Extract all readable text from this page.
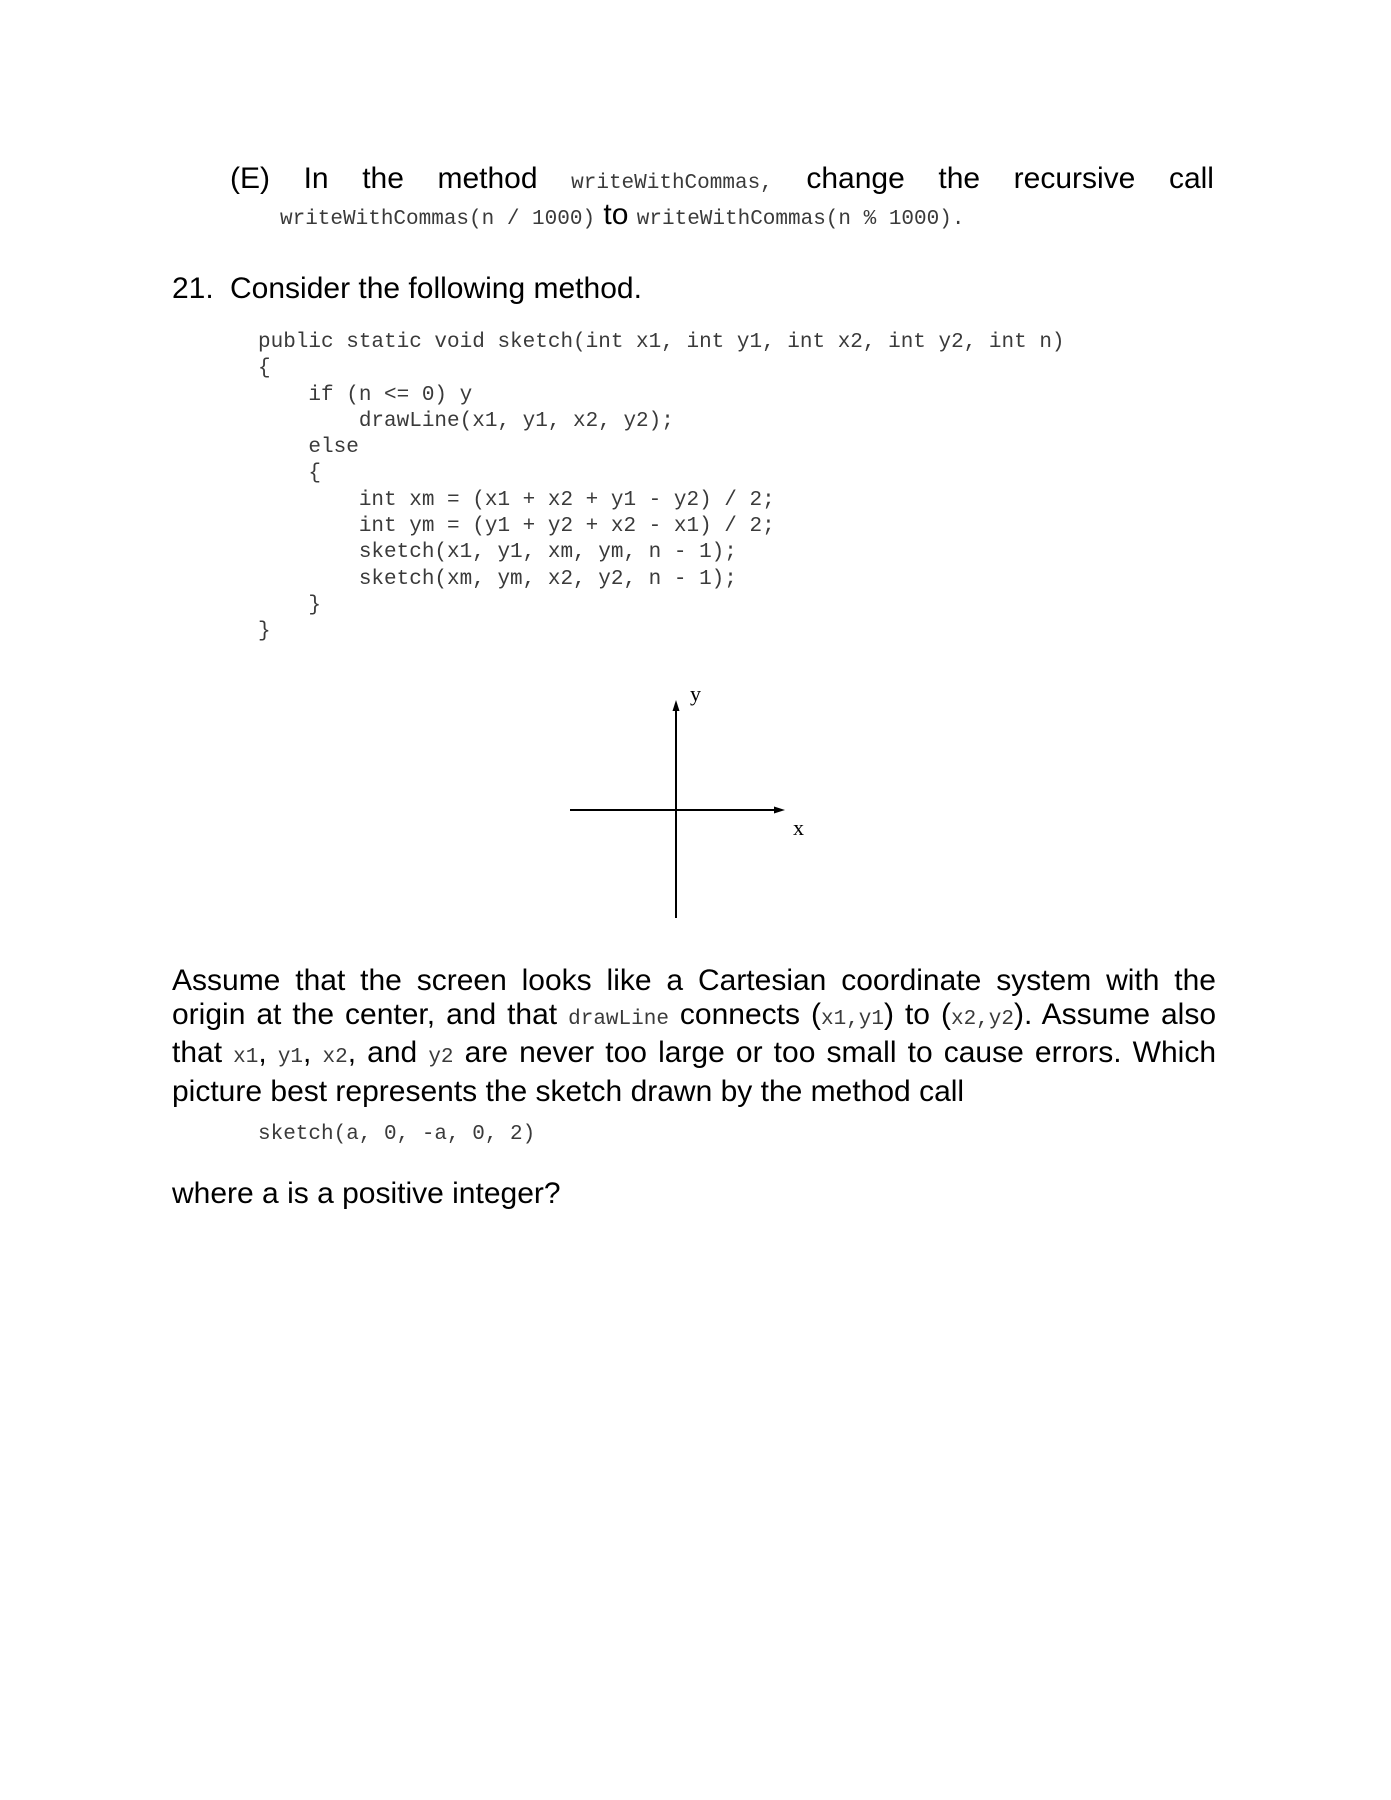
(E) In the method writeWithCommas, change the recursive call
writeWithCommas(n / 1000) to writeWithCommas(n % 1000).
21. Consider the following method.
public static void sketch(int x1, int y1, int x2, int y2, int n)
{
if (n <= 0) y
drawLine(x1, y1, x2, y2);
else
{
int xm = (x1 + x2 + y1 - y2) / 2;
int ym = (y1 + y2 + x2 - x1) / 2;
sketch(x1, y1, xm, ym, n - 1);
sketch(xm, ym, x2, y2, n - 1);
}
}
y
x
Assume that the screen looks like a Cartesian coordinate system with the origin at the center, and that drawLine connects (x1,y1) to (x2,y2). Assume also that x1, y1, x2, and y2 are never too large or too small to cause errors. Which picture best represents the sketch drawn by the method call
sketch(a, 0, -a, 0, 2)
where a is a positive integer?
